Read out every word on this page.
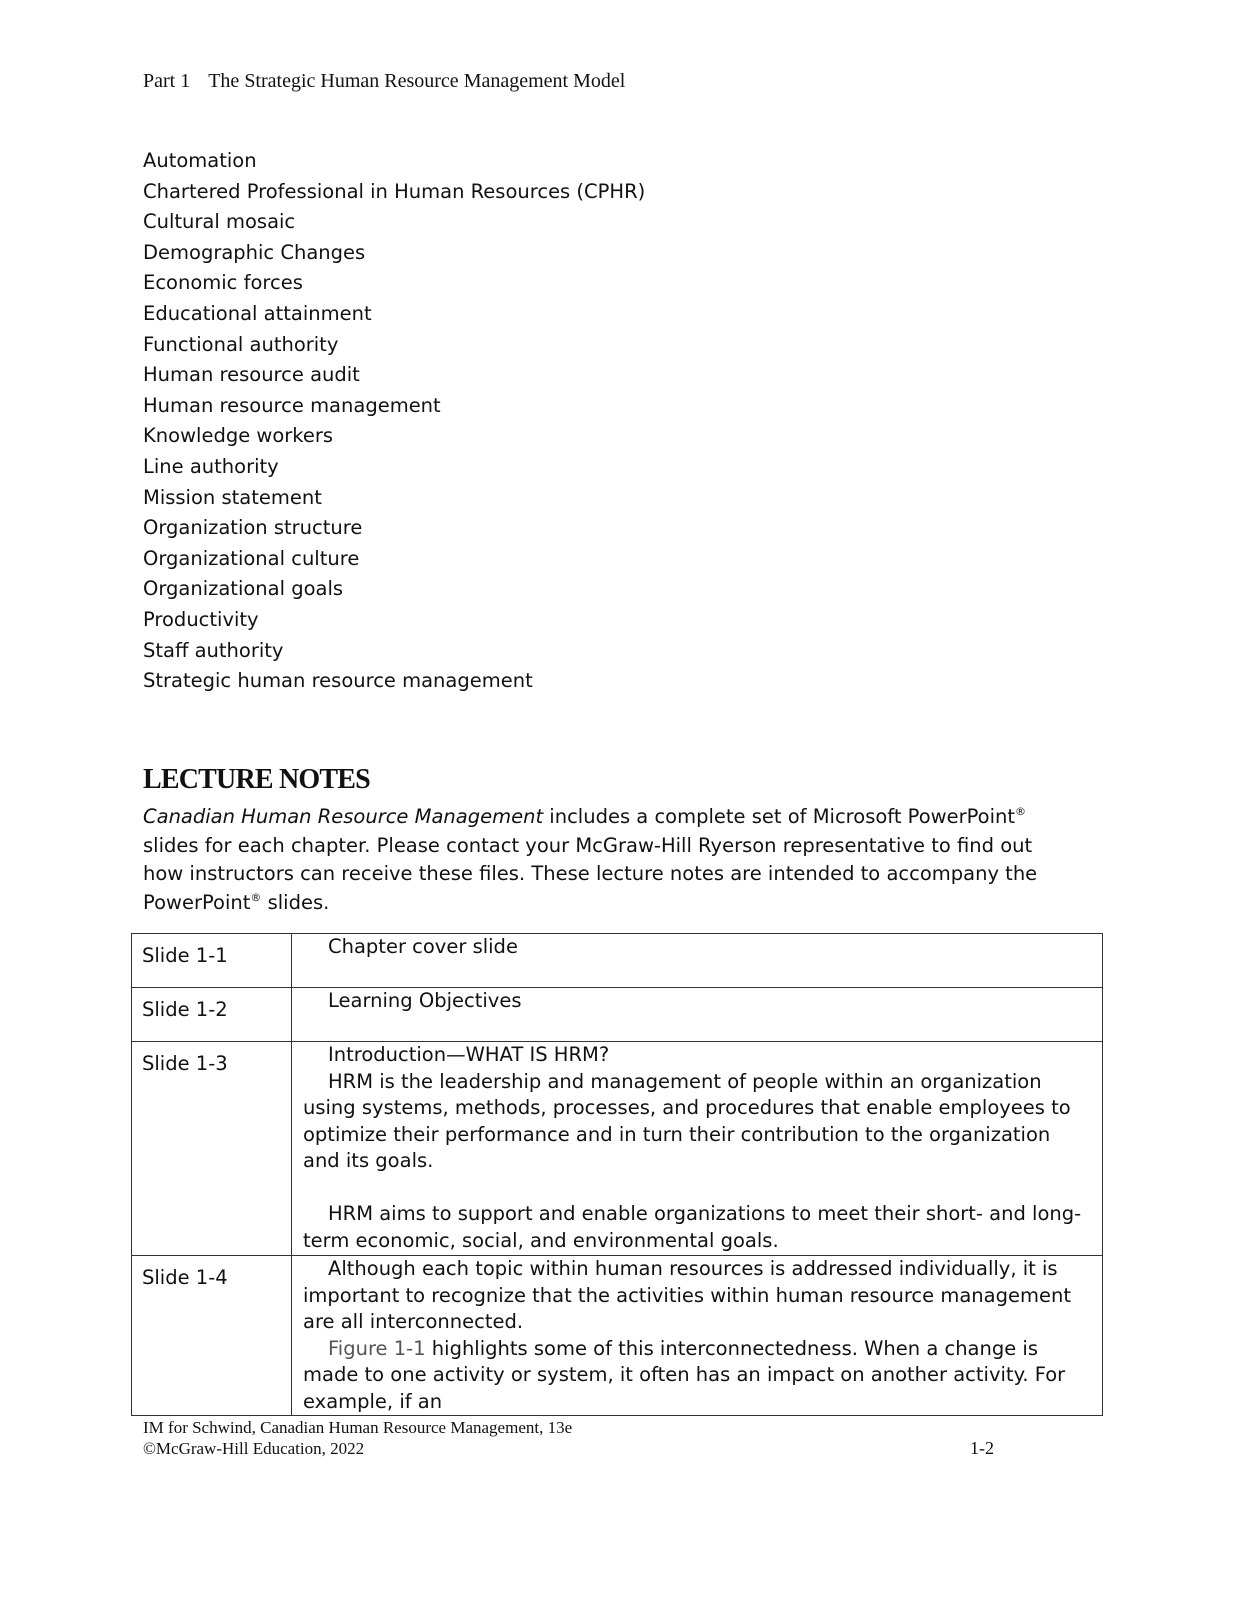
Part 1 The Strategic Human Resource Management Model
Automation
Chartered Professional in Human Resources (CPHR)
Cultural mosaic
Demographic Changes
Economic forces
Educational attainment
Functional authority
Human resource audit
Human resource management
Knowledge workers
Line authority
Mission statement
Organization structure
Organizational culture
Organizational goals
Productivity
Staff authority
Strategic human resource management
LECTURE NOTES

Canadian Human Resource Management includes a complete set of Microsoft PowerPoint® slides for each chapter. Please contact your McGraw-Hill Ryerson representative to find out how instructors can receive these files. These lecture notes are intended to accompany the PowerPoint® slides.

Slide 1-1	Chapter cover slide

Slide 1-2	Learning Objectives

Slide 1-3	Introduction—WHAT IS HRM?

HRM is the leadership and management of people within an organization using systems, methods, processes, and procedures that enable employees to optimize their performance and in turn their contribution to the organization and its goals.

HRM aims to support and enable organizations to meet their short- and long-term economic, social, and environmental goals.

Slide 1-4	Although each topic within human resources is addressed individually, it is important to recognize that the activities within human resource management are all interconnected.

Figure 1-1 highlights some of this interconnectedness. When a change is made to one activity or system, it often has an impact on another activity. For example, if an

IM for Schwind, Canadian Human Resource Management, 13e
©McGraw-Hill Education, 2022	1-2
